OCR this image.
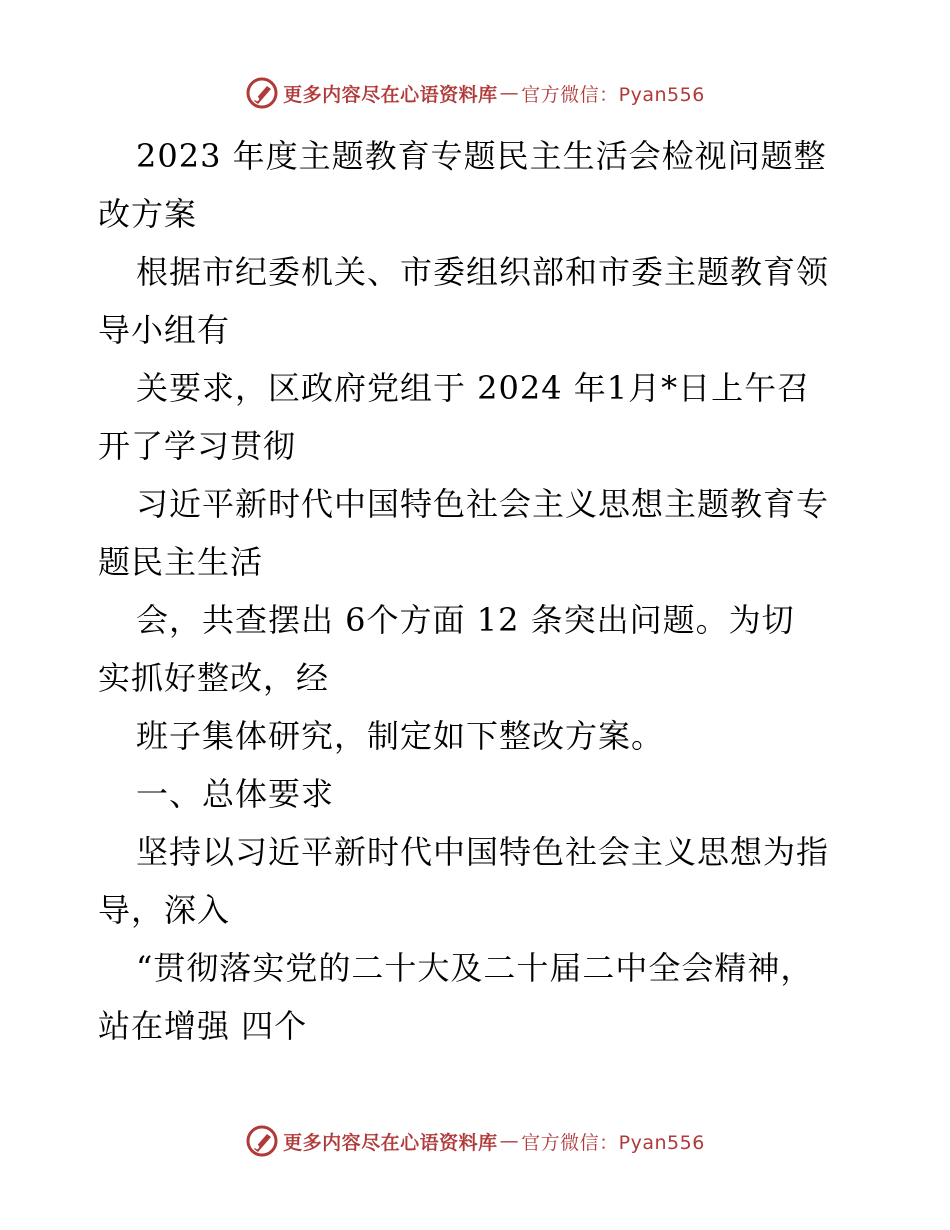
更多内容尽在心语资料库 — 官方微信：Pyan556
2023 年度主题教育专题民主生活会检视问题整
改方案
根据市纪委机关、市委组织部和市委主题教育领
导小组有
关要求，区政府党组于 2024 年1月*日上午召
开了学习贯彻
习近平新时代中国特色社会主义思想主题教育专
题民主生活
会，共查摆出 6个方面 12 条突出问题。为切
实抓好整改，经
班子集体研究，制定如下整改方案。
一、总体要求
坚持以习近平新时代中国特色社会主义思想为指
导，深入
“贯彻落实党的二十大及二十届二中全会精神，
站在增强 四个
更多内容尽在心语资料库 — 官方微信：Pyan556
